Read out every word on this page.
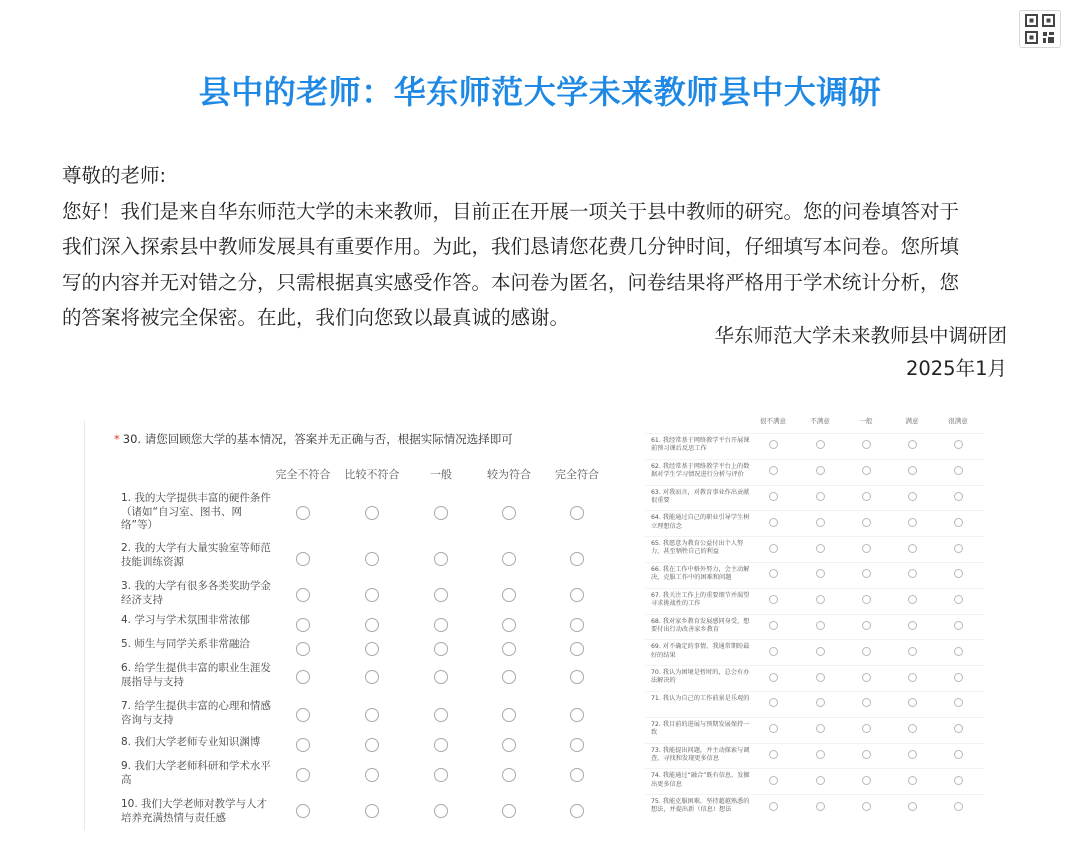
县中的老师：华东师范大学未来教师县中大调研

尊敬的老师:

您好！我们是来自华东师范大学的未来教师，目前正在开展一项关于县中教师的研究。您的问卷填答对于

我们深入探索县中教师发展具有重要作用。为此，我们恳请您花费几分钟时间，仔细填写本问卷。您所填

写的内容并无对错之分，只需根据真实感受作答。本问卷为匿名，问卷结果将严格用于学术统计分析，您

的答案将被完全保密。在此，我们向您致以最真诚的感谢。

华东师范大学未来教师县中调研团
2025年1月
* 30. 请您回顾您大学的基本情况，答案并无正确与否，根据实际情况选择即可
完全不符合	比较不符合	一般	较为符合	完全符合
1. 我的大学提供丰富的硬件条件（诸如“自习室、图书、网络”等）
2. 我的大学有大量实验室等师范技能训练资源
3. 我的大学有很多各类奖助学金经济支持
4. 学习与学术氛围非常浓郁
5. 师生与同学关系非常融洽
6. 给学生提供丰富的职业生涯发展指导与支持
7. 给学生提供丰富的心理和情感咨询与支持
8. 我们大学老师专业知识渊博
9. 我们大学老师科研和学术水平高
10. 我们大学老师对教学与人才培养充满热情与责任感
很不满意	不满意	一般	满意	很满意
61. 我经常基于网络教学平台开展课前预习课后反思工作
62. 我经常基于网络教学平台上的数据对学生学习情况进行分析与评价
63. 对我而言，对教育事业作出贡献很重要
64. 我能通过自己的职业引导学生树立理想信念
65. 我愿意为教育公益付出个人努力，甚至牺牲自己的利益
66. 我在工作中格外努力，会主动解决，克服工作中的困难和问题
67. 我关注工作上的重要细节并渴望寻求挑战性的工作
68. 我对家乡教育发展感同身受，想要付出行动改善家乡教育
69. 对不确定的事情，我通常期盼最好的结果
70. 我认为困境是暂时的，总会有办法解决的
71. 我认为自己的工作前景是乐观的
72. 我目前的进展与预期发展保持一致
73. 我能提出问题，并主动探索与调查，寻找和发现更多信息
74. 我能通过“融合”既有信息，发掘出更多信息
75. 我能克服困难，坚持超越熟悉的想法，并提出新（信息）想法
